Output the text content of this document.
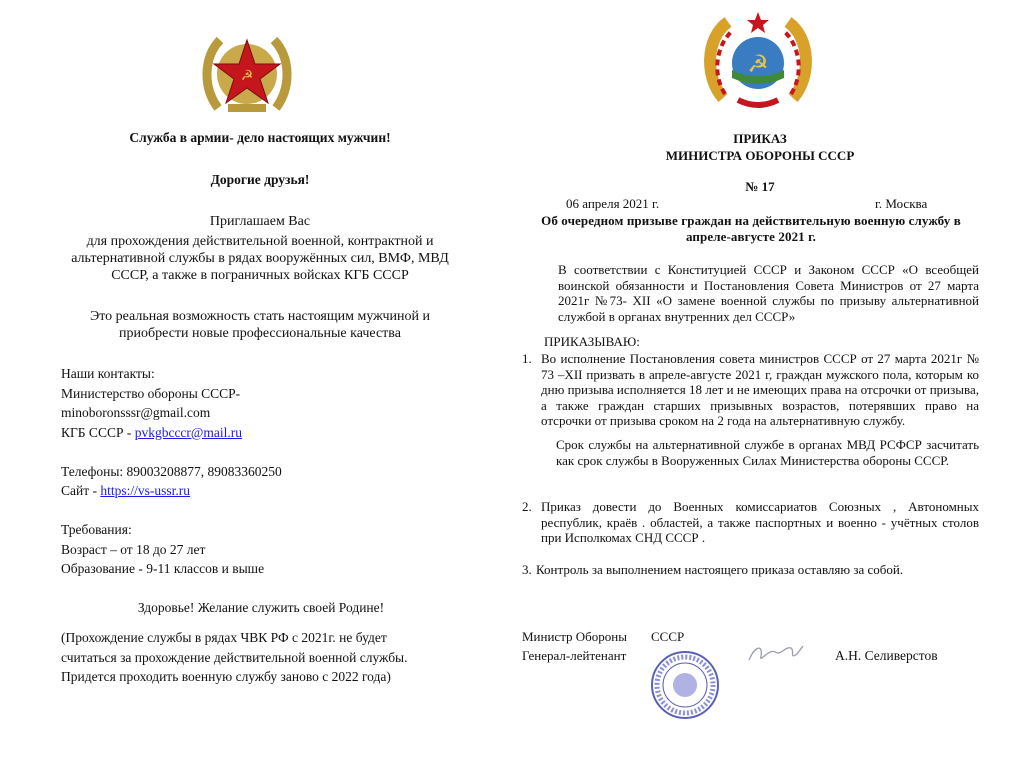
☭
Служба в армии- дело настоящих мужчин!
Дорогие друзья!
Приглашаем Вас
для прохождения действительной военной, контрактной и альтернативной службы в рядах вооружённых сил, ВМФ, МВД СССР, а также в пограничных войсках КГБ СССР
Это реальная возможность стать настоящим мужчиной и приобрести новые профессиональные качества
Наши контакты:
Министерство обороны СССР-
minoboronsssr@gmail.com
КГБ СССР - pvkgbcccr@mail.ru
Телефоны: 89003208877, 89083360250
Сайт - https://vs-ussr.ru
Требования:
Возраст – от 18 до 27 лет
Образование - 9-11 классов и выше
Здоровье! Желание служить своей Родине!
(Прохождение службы в рядах ЧВК РФ с 2021г. не будет считаться за прохождение действительной военной службы. Придется проходить военную службу заново с 2022 года)
☭
ПРИКАЗ
МИНИСТРА ОБОРОНЫ СССР
№ 17
06 апреля 2021 г.	г. Москва
Об очередном призыве граждан на действительную военную службу в апреле-августе 2021 г.
В соответствии с Конституцией СССР и Законом СССР «О всеобщей воинской обязанности и Постановления Совета Министров от 27 марта 2021г №73- XII «О замене военной службы по призыву альтернативной службой в органах внутренних дел СССР»
ПРИКАЗЫВАЮ:
1. Во исполнение Постановления совета министров СССР от 27 марта 2021г № 73 –XII призвать в апреле-августе 2021 г, граждан мужского пола, которым ко дню призыва исполняется 18 лет и не имеющих права на отсрочки от призыва, а также граждан старших призывных возрастов, потерявших право на отсрочки от призыва сроком на 2 года на альтернативную службу.
Срок службы на альтернативной службе в органах МВД РСФСР засчитать как срок службы в Вооруженных Силах Министерства обороны СССР.
2. Приказ довести до Военных комиссариатов Союзных , Автономных республик, краёв . областей, а также паспортных и военно - учётных столов при Исполкомах СНД СССР .
3. Контроль за выполнением настоящего приказа оставляю за собой.
Министр Обороны СССР
Генерал-лейтенант	А.Н. Селиверстов
